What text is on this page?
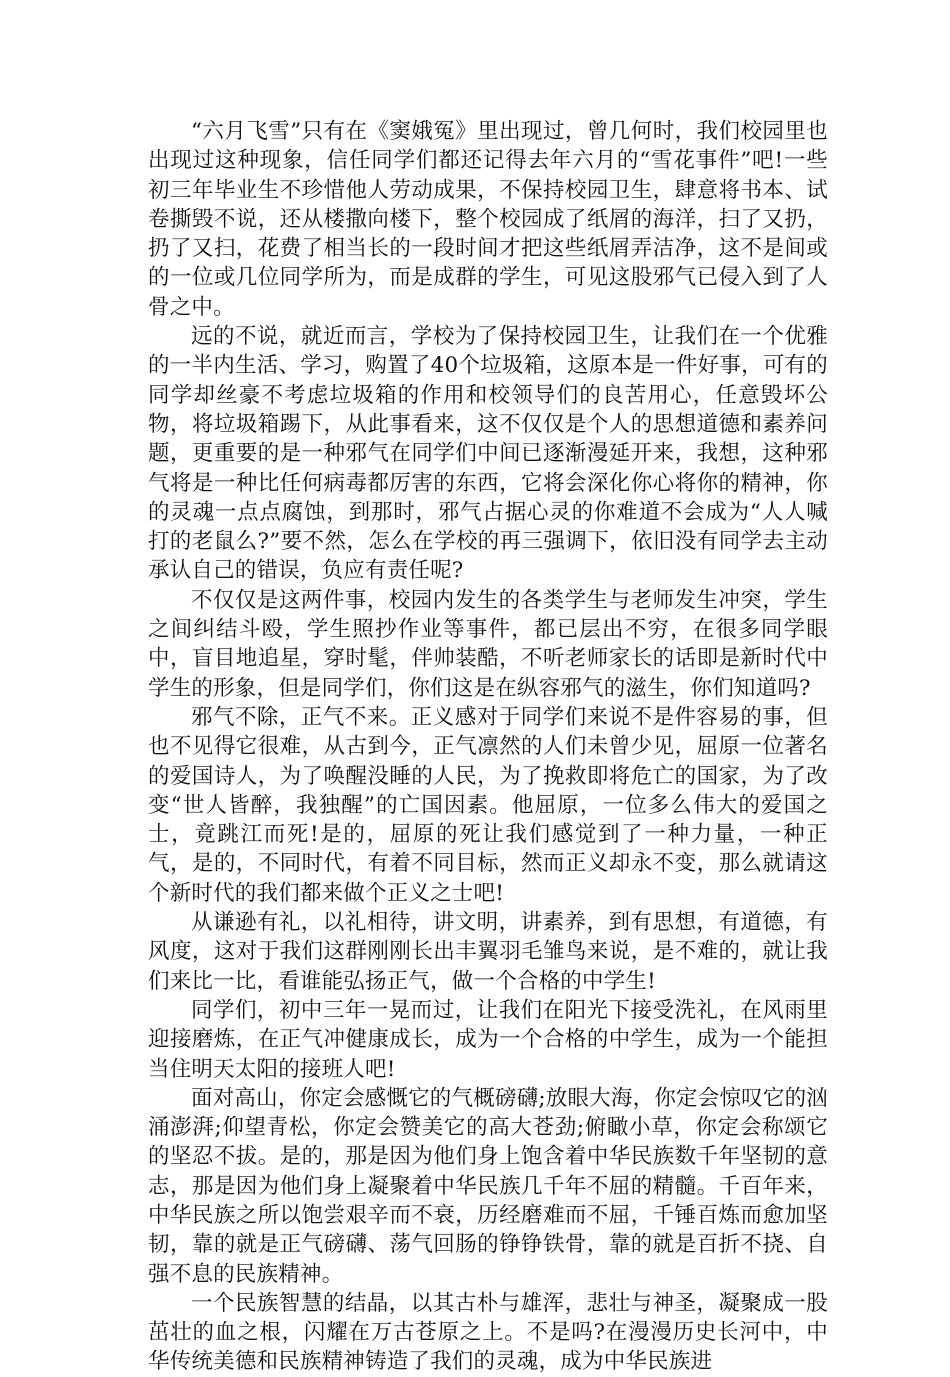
“六月飞雪”只有在《窦娥冤》里出现过，曾几何时，我们校园里也出现过这种现象，信任同学们都还记得去年六月的“雪花事件”吧!一些初三年毕业生不珍惜他人劳动成果，不保持校园卫生，肆意将书本、试卷撕毁不说，还从楼撒向楼下，整个校园成了纸屑的海洋，扫了又扔，扔了又扫，花费了相当长的一段时间才把这些纸屑弄洁净，这不是间或的一位或几位同学所为，而是成群的学生，可见这股邪气已侵入到了人骨之中。

远的不说，就近而言，学校为了保持校园卫生，让我们在一个优雅的一半内生活、学习，购置了40个垃圾箱，这原本是一件好事，可有的同学却丝豪不考虑垃圾箱的作用和校领导们的良苦用心，任意毁坏公物，将垃圾箱踢下，从此事看来，这不仅仅是个人的思想道德和素养问题，更重要的是一种邪气在同学们中间已逐渐漫延开来，我想，这种邪气将是一种比任何病毒都厉害的东西，它将会深化你心将你的精神，你的灵魂一点点腐蚀，到那时，邪气占据心灵的你难道不会成为“人人喊打的老鼠么?”要不然，怎么在学校的再三强调下，依旧没有同学去主动承认自己的错误，负应有责任呢?

不仅仅是这两件事，校园内发生的各类学生与老师发生冲突，学生之间纠结斗殴，学生照抄作业等事件，都已层出不穷，在很多同学眼中，盲目地追星，穿时髦，伴帅装酷，不听老师家长的话即是新时代中学生的形象，但是同学们，你们这是在纵容邪气的滋生，你们知道吗?

邪气不除，正气不来。正义感对于同学们来说不是件容易的事，但也不见得它很难，从古到今，正气凛然的人们未曾少见，屈原一位著名的爱国诗人，为了唤醒没睡的人民，为了挽救即将危亡的国家，为了改变“世人皆醉，我独醒”的亡国因素。他屈原，一位多么伟大的爱国之士，竟跳江而死!是的，屈原的死让我们感觉到了一种力量，一种正气，是的，不同时代，有着不同目标，然而正义却永不变，那么就请这个新时代的我们都来做个正义之士吧!

从谦逊有礼，以礼相待，讲文明，讲素养，到有思想，有道德，有风度，这对于我们这群刚刚长出丰翼羽毛雏鸟来说，是不难的，就让我们来比一比，看谁能弘扬正气，做一个合格的中学生!

同学们，初中三年一晃而过，让我们在阳光下接受洗礼，在风雨里迎接磨炼，在正气冲健康成长，成为一个合格的中学生，成为一个能担当住明天太阳的接班人吧!

面对高山，你定会感慨它的气概磅礴;放眼大海，你定会惊叹它的汹涌澎湃;仰望青松，你定会赞美它的高大苍劲;俯瞰小草，你定会称颂它的坚忍不拔。是的，那是因为他们身上饱含着中华民族数千年坚韧的意志，那是因为他们身上凝聚着中华民族几千年不屈的精髓。千百年来，中华民族之所以饱尝艰辛而不衰，历经磨难而不屈，千锤百炼而愈加坚韧，靠的就是正气磅礴、荡气回肠的铮铮铁骨，靠的就是百折不挠、自强不息的民族精神。

一个民族智慧的结晶，以其古朴与雄浑，悲壮与神圣，凝聚成一股茁壮的血之根，闪耀在万古苍原之上。不是吗?在漫漫历史长河中，中华传统美德和民族精神铸造了我们的灵魂，成为中华民族进
